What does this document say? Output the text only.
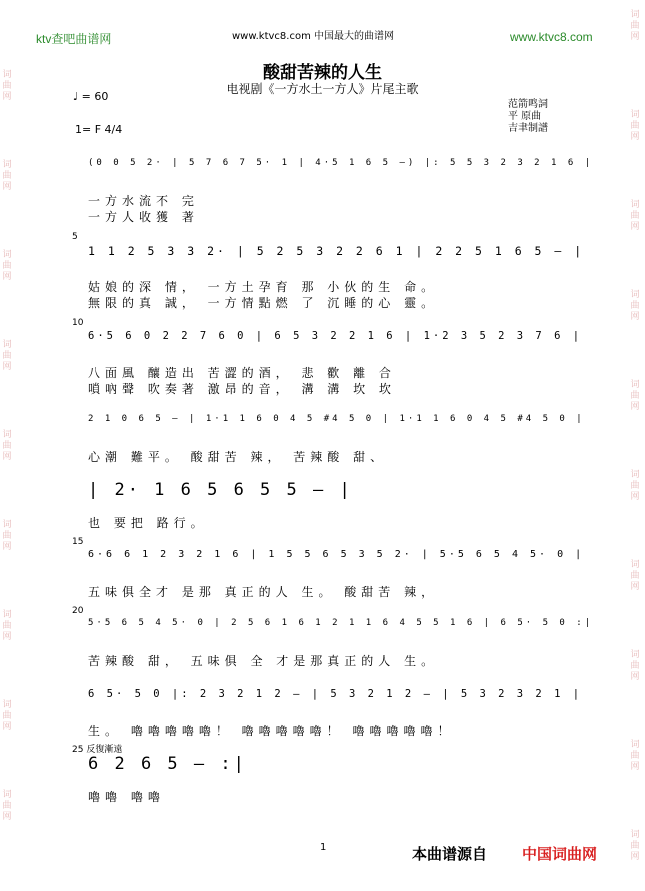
词曲网
词曲网
词曲网
词曲网
词曲网
词曲网
词曲网
词曲网
词曲网
词曲网
词曲网
词曲网
词曲网
词曲网
词曲网
词曲网
词曲网
词曲网
词曲网
ktv查吧曲谱网	www.ktvc8.com 中国最大的曲谱网	www.ktvc8.com
酸甜苦辣的人生
电视剧《一方水土一方人》片尾主歌
♩ = 60
1= F 4/4
范箭鸣詞
平 原曲
吉聿制譜
(0 0 5 2· | 5 7 6 7 5· 1 | 4·5 1 6 5 —) |: 5 5 3 2 3 2 1 6 |
一方水流不 完
一方人收獲 著
5
1 1 2 5 3 3 2· | 5 2 5 3 2 2 6 1 | 2 2 5 1 6 5 — |
姑娘的深 情， 一方土孕育 那 小伙的生 命。
無限的真 誠， 一方情點燃 了 沉睡的心 靈。
10
6·5 6 0 2 2 7 6 0 | 6 5 3 2 2 1 6 | 1·2 3 5 2 3 7 6 |
八面風 釀造出 苦澀的酒， 悲 歡 離 合
嗩吶聲 吹奏著 激昂的音， 溝 溝 坎 坎
2 1 0 6 5 — | 1·1 1 6 0 4 5 #4 5 0 | 1·1 1 6 0 4 5 #4 5 0 |
心潮 難平。 酸甜苦 辣， 苦辣酸 甜、
| 2· 1 6 5 6 5 5 — |
也 要把 路行。
15
6·6 6 1 2 3 2 1 6 | 1 5 5 6 5 3 5 2· | 5·5 6 5 4 5· 0 |
五味俱全才 是那 真正的人 生。 酸甜苦 辣，
20
5·5 6 5 4 5· 0 | 2 5 6 1 6 1 2 1 1 6 4 5 5 1 6 | 6 5· 5 0 :|
苦辣酸 甜， 五味俱 全 才是那真正的人 生。
6 5· 5 0 |: 2 3 2 1 2 — | 5 3 2 1 2 — | 5 3 2 3 2 1 |
生。 嚕嚕嚕嚕嚕！ 嚕嚕嚕嚕嚕！ 嚕嚕嚕嚕嚕！
25 反復漸遠
6 2 6 5 — :|
嚕嚕 嚕嚕
1	本曲谱源自 中国词曲网
